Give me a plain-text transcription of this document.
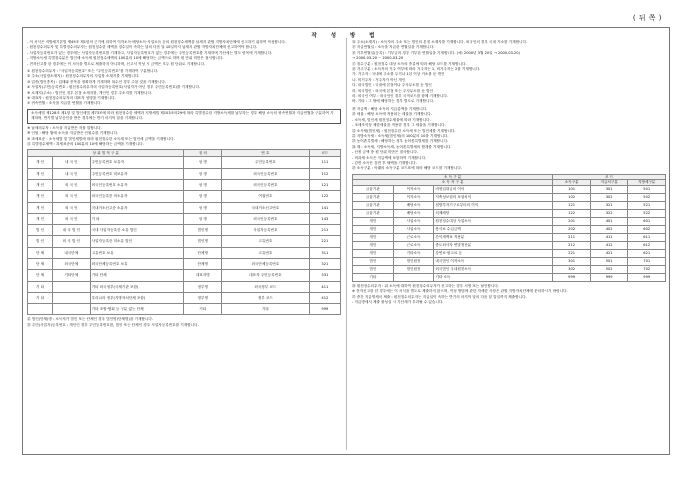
( 뒤 쪽 )
작 성 방 법
- 이 서식은 지방세기본법 제49조 제1항의 근거에 의하여 이자소득·배당소득·사업소득 등의 원천징수세액을 납세지 관할 지방자치단체에 신고하기 위하여 작성합니다.
- 원천징수의무자 및 특별징수의무자는 원천징수한 세액을 징수일이 속하는 달의 다음 달 10일까지 납세지 관할 지방자치단체에 신고하여야 합니다.
- 사업자등록번호가 있는 경우에는 사업자등록번호를 기재하고, 사업자등록번호가 없는 경우에는 주민등록번호를 기재하며 가산세는 별도 항목에 기재합니다.
- 지방소득세 특별징수분은 법인세·소득세 원천징수세액의 100분의 10에 해당하는 금액으로 하며 원 단위 미만은 절사합니다.
- 전자신고를 한 경우에는 이 서식을 별도로 제출하지 아니하며, 신고서 작성 시 금액은 모두 원 단위로 기재합니다.
① 원천징수의무자 : "사업자등록번호" 또는 "주민등록번호"를 기재하여 구분합니다.
② 주소(사업장소재지) : 원천징수의무자의 사업장 소재지를 기재합니다.
③ 업종(법인종목) : 업태와 종목을 정확하게 기재하며 복수인 경우 주된 것을 기재합니다.
④ 사업자(주민)등록번호 : 원천징수의무자의 사업자등록번호(사업자가 아닌 경우 주민등록번호)를 기재합니다.
⑤ 소재지(주소) : 법인인 경우 본점 소재지를, 개인인 경우 주소지를 기재합니다.
⑥ 대표자 : 원천징수의무자의 대표자 성명을 기재합니다.
⑦ 귀속연월 : 소득을 지급한 연월을 기재합니다.
소득세법 제128조 제1항 및 법인세법 제73조에 따라 원천징수한 세액과 지방세법 제103조의29에 따라 특별징수한 지방소득세를 납부하는 경우 해당 소득의 귀속연월과 지급연월을 구분하여 기재하며, 반기별 납부승인을 받은 경우에는 반기 마지막 달을 기재합니다.
⑧ 납세의무자 : 소득을 지급받은 자를 말합니다.
⑨ 인원 : 해당 월에 소득을 지급받은 인원수를 기재합니다.
⑩ 과세표준 : 소득세법 및 법인세법에 따라 원천징수한 소득세 또는 법인세 금액을 기재합니다.
⑪ 특별징수세액 : 과세표준의 100분의 10에 해당하는 금액을 기재합니다.
상 위 법 적 구 분			징 의	번 호	코드
개 인	내 국 인	주민등록번호 보유자	성 명	주민등록번호	111
개 인	내 국 인	주민등록번호 미보유자	성 명	외국인등록번호	112
개 인	외 국 인	외국인등록번호 소유자	성 명	외국인등록번호	121
개 인	외 국 인	외국인등록증 미소유자	성 명	여권번호	122
개 인	외 국 인	국내거소신고증 소유자	성 명	국내거소신고번호	141
개 인	외 국 인	기 타	성 명	외국인등록번호	143
법 인	내 국 법 인	국내 사업자등록증 소유 법인	법인명	사업자등록번호	211
법 인	외 국 법 인	사업자등록증 미소유 법인	법인명	고유번호	221
단 체	내국단체	고유번호 보유	단체명	고유번호	311
단 체	외국단체	외국단체등록번호 보유	단체명	외국단체등록번호	321
단 체	기타단체	기타 단체	대표자명	대표자 주민등록번호	331
기 타		기타 외국정부(국제기관 포함)	정부명	외국정부 코드	411
기 타		우리나라 정부(지방자치단체 포함)	정부명	정부 코드	412
		기타 조합·협회 등 구분 없는 단체	기타	기타	999
⑫ 법인(단체)명 : 소득자가 법인 또는 단체인 경우 법인명(단체명)을 기재합니다.
⑬ 주민(사업자)등록번호 : 개인인 경우 주민등록번호를, 법인 또는 단체인 경우 사업자등록번호를 기재합니다.
⑭ 주소(소재지) : 소득자의 주소 또는 법인의 본점 소재지를 기재합니다. 외국인의 경우 국내 거소를 기재합니다.
⑮ 지급연월일 : 소득을 지급한 연월일을 기재합니다.
⑯ 기부연월일(등록) : 기부금의 경우 기부한 연월일을 기재합니다. (예: 2000년 3월 20일 → 2000.03.20)
→ 2000-03-20 ~ 2000-03-20
⑰ 징수구분 : 원천징수 대상 소득의 종류에 따라 해당 코드를 기재합니다.
⑱ 거주구분 : 소득자의 거주 여부에 따라 거주자는 1, 비거주자는 2를 기재합니다.
가. 거주자 : 국내에 주소를 두거나 1년 이상 거소를 둔 개인
나. 비거주자 : 거주자가 아닌 개인
다. 내국법인 : 국내에 본점이나 주사무소를 둔 법인
라. 외국법인 : 외국에 본점 또는 주사무소를 둔 법인
마. 외국인 여부 : 외국인인 경우 국적코드를 함께 기재합니다.
바. 기타 : 그 밖에 해당하는 경우 별도로 기재합니다.
⑲ 지급액 : 해당 소득의 지급총액을 기재합니다.
⑳ 세율 : 해당 소득에 적용되는 세율을 기재합니다.
- 소득세, 법인세 원천징수세율에 따라 기재합니다.
- 조세조약상 제한세율을 적용한 경우 그 세율을 기재합니다.
㉑ 소득세(법인세) : 원천징수한 소득세 또는 법인세를 기재합니다.
㉒ 지방소득세 : 소득세(법인세)의 100분의 10을 기재합니다.
㉓ 농어촌특별세 : 해당하는 경우 농어촌특별세를 기재합니다.
㉔ 계 : 소득세, 지방소득세, 농어촌특별세의 합계를 기재합니다.
- 산정 금액 중 원 단위 미만은 절사합니다.
- 비과세 소득은 지급액에 포함하여 기재합니다.
- 감면 소득은 감면 후 세액을 기재합니다.
㉕ 소득구분 : 아래의 소득구분 코드표에 따라 해당 코드를 기재합니다.
소 득 구 분			코 드		
소 득 자 구 분			소득구분	지급처구분	지방세구분
금융기관	이자소득	비영업대금의 이익	101	301	501
금융기관	이자소득	저축성보험의 보험차익	102	302	502
금융기관	배당소득	집합투자기구로부터의 이익	121	321	521
금융기관	배당소득	의제배당	122	322	522
개인	사업소득	원천징수대상 사업소득	201	401	601
개인	사업소득	봉사료 수입금액	202	402	602
개인	근로소득	간이세액표 적용분	211	411	611
개인	근로소득	중도퇴사자 연말정산분	212	412	612
개인	기타소득	강연료·원고료 등	221	421	621
법인	법인원천	내국법인 이자소득	301	501	701
법인	법인원천	외국법인 국내원천소득	302	502	702
기타		기타 소득	999	999	999
㉖ 원천징수의무자 : 위 소득에 대하여 원천징수의무자가 신고하는 경우 서명 또는 날인합니다.
※ 전자신고를 한 경우에는 이 서식을 별도로 제출하지 않으며, 작성 방법에 관한 자세한 사항은 관할 지방자치단체에 문의하시기 바랍니다.
㉗ 중간 지급명세서 제출 : 원천징수의무자는 지급일이 속하는 반기의 마지막 달의 다음 달 말일까지 제출합니다.
- 지급명세서 제출 불성실 시 가산세가 부과될 수 있습니다.
